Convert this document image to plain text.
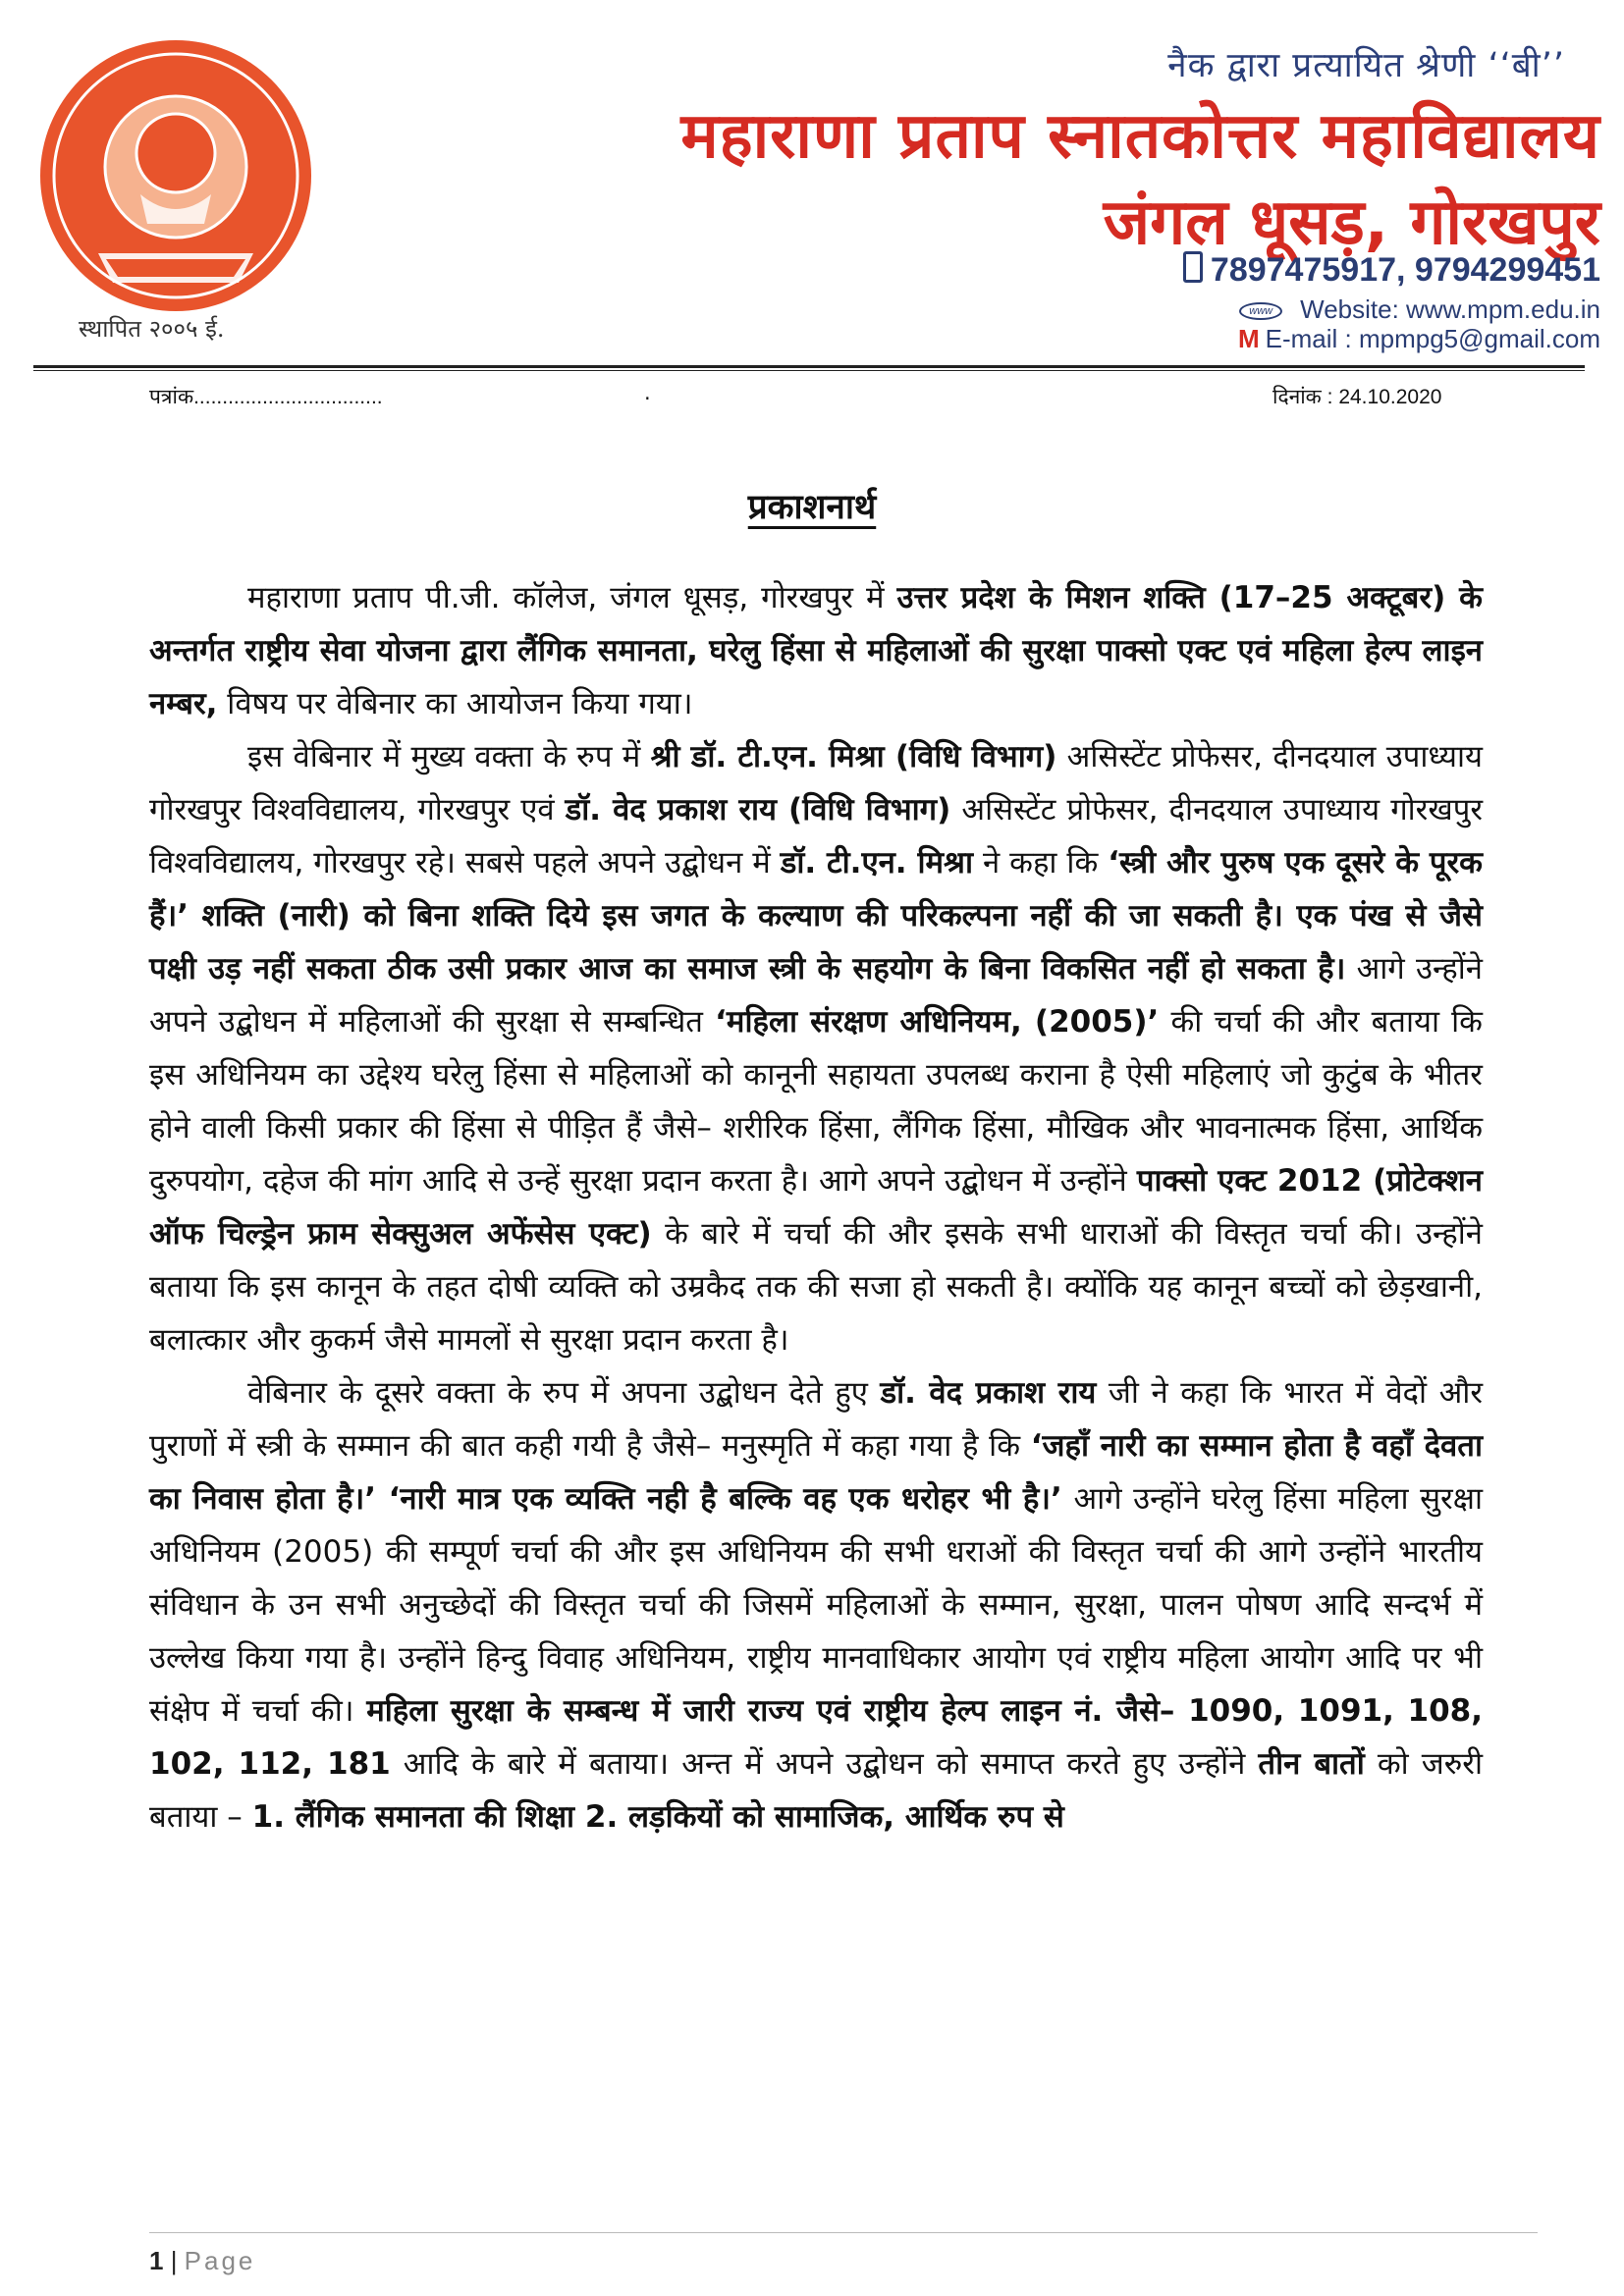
स्थापित २००५ ई.
नैक द्वारा प्रत्यायित श्रेणी ‘‘बी’’
महाराणा प्रताप स्नातकोत्तर महाविद्यालय
जंगल धूसड़, गोरखपुर
7897475917, 9794299451
www Website: www.mpm.edu.in
M E-mail : mpmpg5@gmail.com
पत्रांक.................................	.	दिनांक : 24.10.2020
प्रकाशनार्थ

महाराणा प्रताप पी.जी. कॉलेज, जंगल धूसड़, गोरखपुर में उत्तर प्रदेश के मिशन शक्ति (17–25 अक्टूबर) के अन्तर्गत राष्ट्रीय सेवा योजना द्वारा लैंगिक समानता, घरेलु हिंसा से महिलाओं की सुरक्षा पाक्सो एक्ट एवं महिला हेल्प लाइन नम्बर, विषय पर वेबिनार का आयोजन किया गया।

इस वेबिनार में मुख्य वक्ता के रुप में श्री डॉ. टी.एन. मिश्रा (विधि विभाग) असिस्टेंट प्रोफेसर, दीनदयाल उपाध्याय गोरखपुर विश्वविद्यालय, गोरखपुर एवं डॉ. वेद प्रकाश राय (विधि विभाग) असिस्टेंट प्रोफेसर, दीनदयाल उपाध्याय गोरखपुर विश्वविद्यालय, गोरखपुर रहे। सबसे पहले अपने उद्बोधन में डॉ. टी.एन. मिश्रा ने कहा कि ‘स्त्री और पुरुष एक दूसरे के पूरक हैं।’ शक्ति (नारी) को बिना शक्ति दिये इस जगत के कल्याण की परिकल्पना नहीं की जा सकती है। एक पंख से जैसे पक्षी उड़ नहीं सकता ठीक उसी प्रकार आज का समाज स्त्री के सहयोग के बिना विकसित नहीं हो सकता है। आगे उन्होंने अपने उद्बोधन में महिलाओं की सुरक्षा से सम्बन्धित ‘महिला संरक्षण अधिनियम, (2005)’ की चर्चा की और बताया कि इस अधिनियम का उद्देश्य घरेलु हिंसा से महिलाओं को कानूनी सहायता उपलब्ध कराना है ऐसी महिलाएं जो कुटुंब के भीतर होने वाली किसी प्रकार की हिंसा से पीड़ित हैं जैसे– शरीरिक हिंसा, लैंगिक हिंसा, मौखिक और भावनात्मक हिंसा, आर्थिक दुरुपयोग, दहेज की मांग आदि से उन्हें सुरक्षा प्रदान करता है। आगे अपने उद्बोधन में उन्होंने पाक्सो एक्ट 2012 (प्रोटेक्शन ऑफ चिल्ड्रेन फ्राम सेक्सुअल अफेंसेस एक्ट) के बारे में चर्चा की और इसके सभी धाराओं की विस्तृत चर्चा की। उन्होंने बताया कि इस कानून के तहत दोषी व्यक्ति को उम्रकैद तक की सजा हो सकती है। क्योंकि यह कानून बच्चों को छेड़खानी, बलात्कार और कुकर्म जैसे मामलों से सुरक्षा प्रदान करता है।

वेबिनार के दूसरे वक्ता के रुप में अपना उद्बोधन देते हुए डॉ. वेद प्रकाश राय जी ने कहा कि भारत में वेदों और पुराणों में स्त्री के सम्मान की बात कही गयी है जैसे– मनुस्मृति में कहा गया है कि ‘जहाँ नारी का सम्मान होता है वहाँ देवता का निवास होता है।’ ‘नारी मात्र एक व्यक्ति नही है बल्कि वह एक धरोहर भी है।’ आगे उन्होंने घरेलु हिंसा महिला सुरक्षा अधिनियम (2005) की सम्पूर्ण चर्चा की और इस अधिनियम की सभी धराओं की विस्तृत चर्चा की आगे उन्होंने भारतीय संविधान के उन सभी अनुच्छेदों की विस्तृत चर्चा की जिसमें महिलाओं के सम्मान, सुरक्षा, पालन पोषण आदि सन्दर्भ में उल्लेख किया गया है। उन्होंने हिन्दु विवाह अधिनियम, राष्ट्रीय मानवाधिकार आयोग एवं राष्ट्रीय महिला आयोग आदि पर भी संक्षेप में चर्चा की। महिला सुरक्षा के सम्बन्ध में जारी राज्य एवं राष्ट्रीय हेल्प लाइन नं. जैसे– 1090, 1091, 108, 102, 112, 181 आदि के बारे में बताया। अन्त में अपने उद्बोधन को समाप्त करते हुए उन्होंने तीन बातों को जरुरी बताया – 1. लैंगिक समानता की शिक्षा 2. लड़कियों को सामाजिक, आर्थिक रुप से

1 | Page
